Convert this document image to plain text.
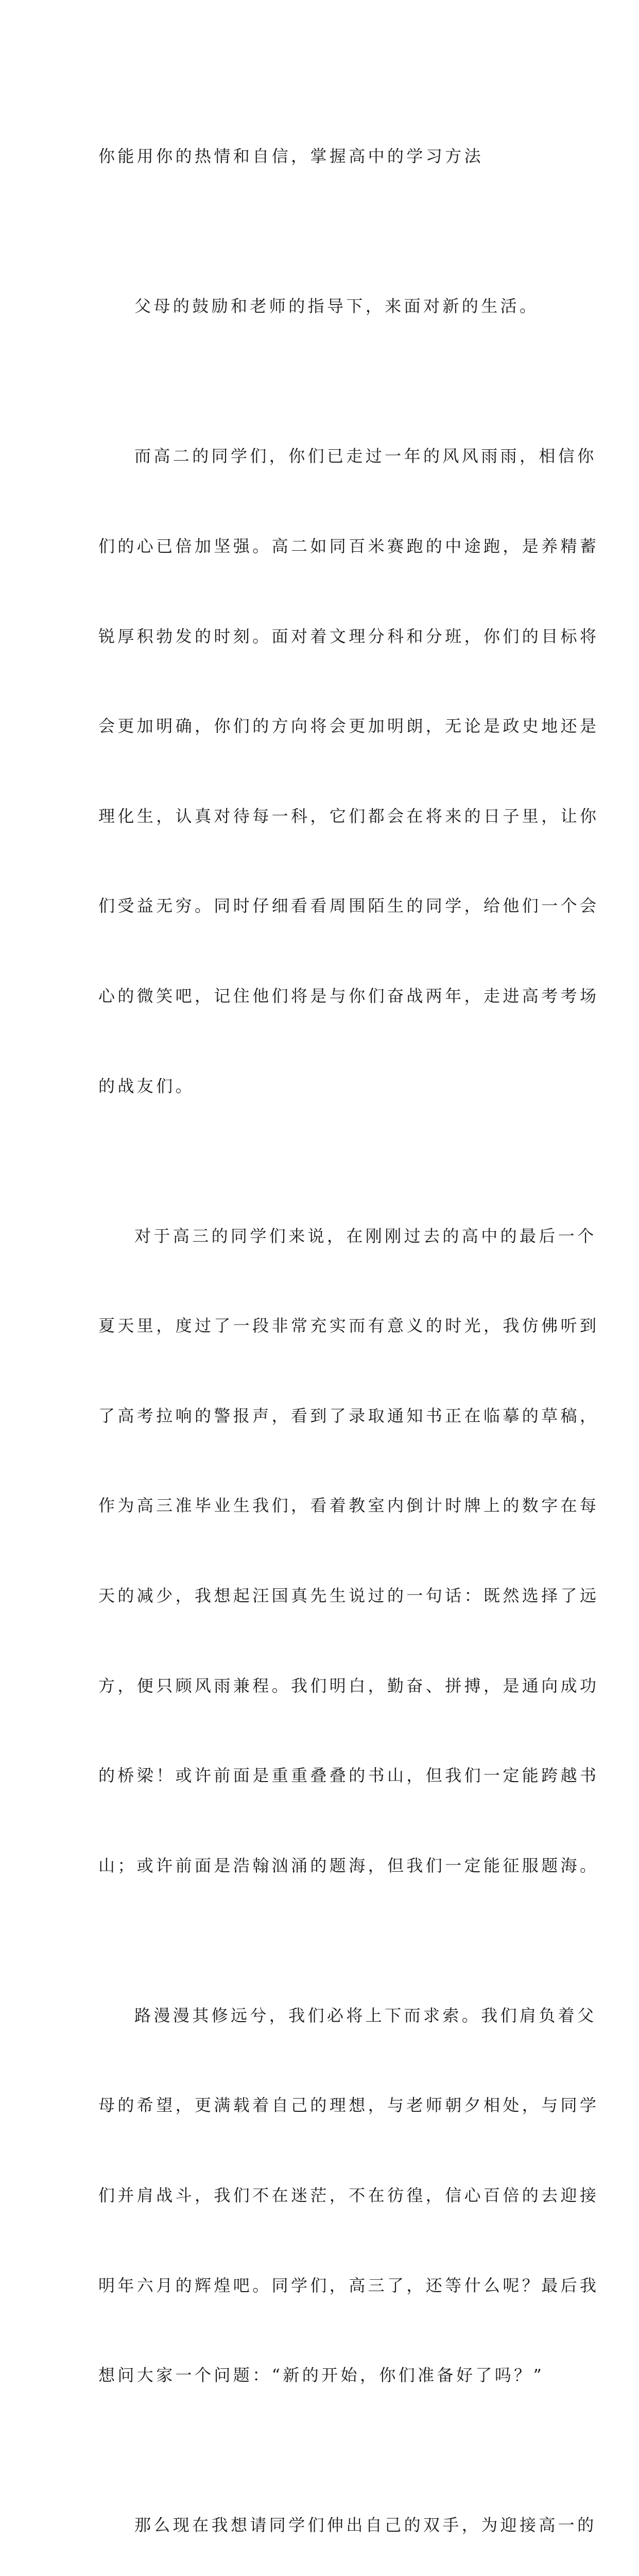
你能用你的热情和自信，掌握高中的学习方法

父母的鼓励和老师的指导下，来面对新的生活。

而高二的同学们，你们已走过一年的风风雨雨，相信你

们的心已倍加坚强。高二如同百米赛跑的中途跑，是养精蓄

锐厚积勃发的时刻。面对着文理分科和分班，你们的目标将

会更加明确，你们的方向将会更加明朗，无论是政史地还是

理化生，认真对待每一科，它们都会在将来的日子里，让你

们受益无穷。同时仔细看看周围陌生的同学，给他们一个会

心的微笑吧，记住他们将是与你们奋战两年，走进高考考场

的战友们。

对于高三的同学们来说，在刚刚过去的高中的最后一个

夏天里，度过了一段非常充实而有意义的时光，我仿佛听到

了高考拉响的警报声，看到了录取通知书正在临摹的草稿，

作为高三准毕业生我们，看着教室内倒计时牌上的数字在每

天的减少，我想起汪国真先生说过的一句话：既然选择了远

方，便只顾风雨兼程。我们明白，勤奋、拼搏，是通向成功

的桥梁！或许前面是重重叠叠的书山，但我们一定能跨越书

山；或许前面是浩翰汹涌的题海，但我们一定能征服题海。

路漫漫其修远兮，我们必将上下而求索。我们肩负着父

母的希望，更满载着自己的理想，与老师朝夕相处，与同学

们并肩战斗，我们不在迷茫，不在彷徨，信心百倍的去迎接

明年六月的辉煌吧。同学们，高三了，还等什么呢？最后我

想问大家一个问题：“新的开始，你们准备好了吗？”

那么现在我想请同学们伸出自己的双手，为迎接高一的
